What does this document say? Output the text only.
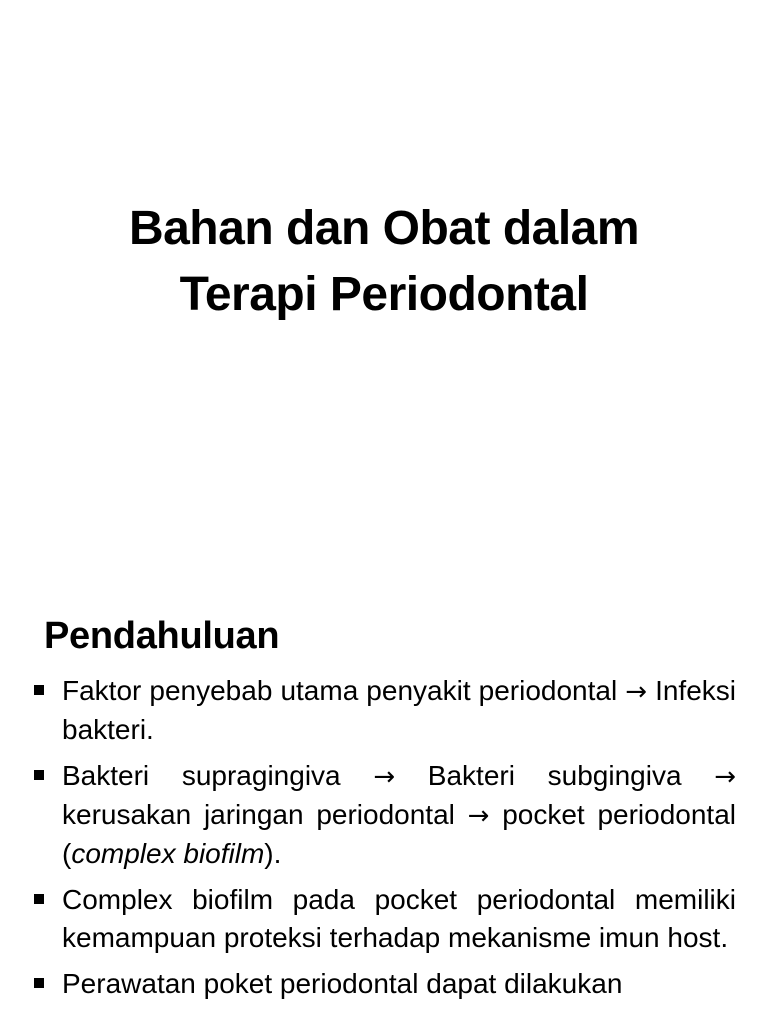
Bahan dan Obat dalam
Terapi Periodontal
Pendahuluan
Faktor penyebab utama penyakit periodontal → Infeksi bakteri.
Bakteri supragingiva → Bakteri subgingiva → kerusakan jaringan periodontal → pocket periodontal (complex biofilm).
Complex biofilm pada pocket periodontal memiliki kemampuan proteksi terhadap mekanisme imun host.
Perawatan poket periodontal dapat dilakukan
